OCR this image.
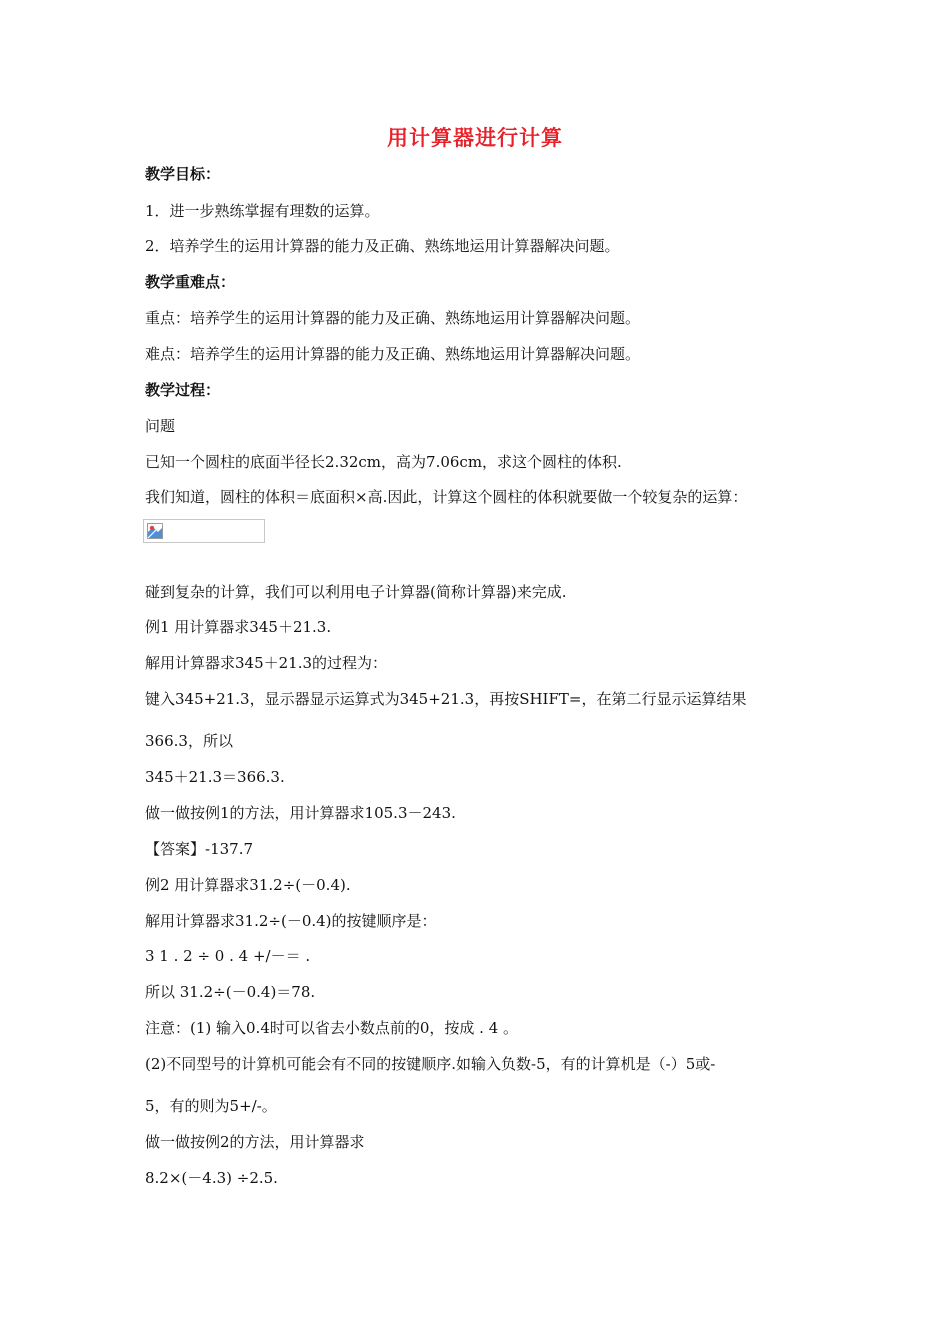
用计算器进行计算
教学目标：
1．进一步熟练掌握有理数的运算。
2．培养学生的运用计算器的能力及正确、熟练地运用计算器解决问题。
教学重难点：
重点：培养学生的运用计算器的能力及正确、熟练地运用计算器解决问题。
难点：培养学生的运用计算器的能力及正确、熟练地运用计算器解决问题。
教学过程：
问题
已知一个圆柱的底面半径长2.32cm，高为7.06cm，求这个圆柱的体积.
我们知道，圆柱的体积＝底面积×高.因此，计算这个圆柱的体积就要做一个较复杂的运算：
碰到复杂的计算，我们可以利用电子计算器(简称计算器)来完成.
例1 用计算器求345＋21.3.
解用计算器求345＋21.3的过程为：
键入345+21.3，显示器显示运算式为345+21.3，再按SHIFT=，在第二行显示运算结果
366.3，所以
345＋21.3＝366.3.
做一做按例1的方法，用计算器求105.3－243.
【答案】-137.7
例2 用计算器求31.2÷(－0.4).
解用计算器求31.2÷(－0.4)的按键顺序是：
3 1 . 2 ÷ 0 . 4 +/－＝ .
所以 31.2÷(－0.4)＝78.
注意：(1) 输入0.4时可以省去小数点前的0，按成 . 4 。
(2)不同型号的计算机可能会有不同的按键顺序.如输入负数-5，有的计算机是（-）5或-
5，有的则为5+/-。
做一做按例2的方法，用计算器求
8.2×(－4.3) ÷2.5.
